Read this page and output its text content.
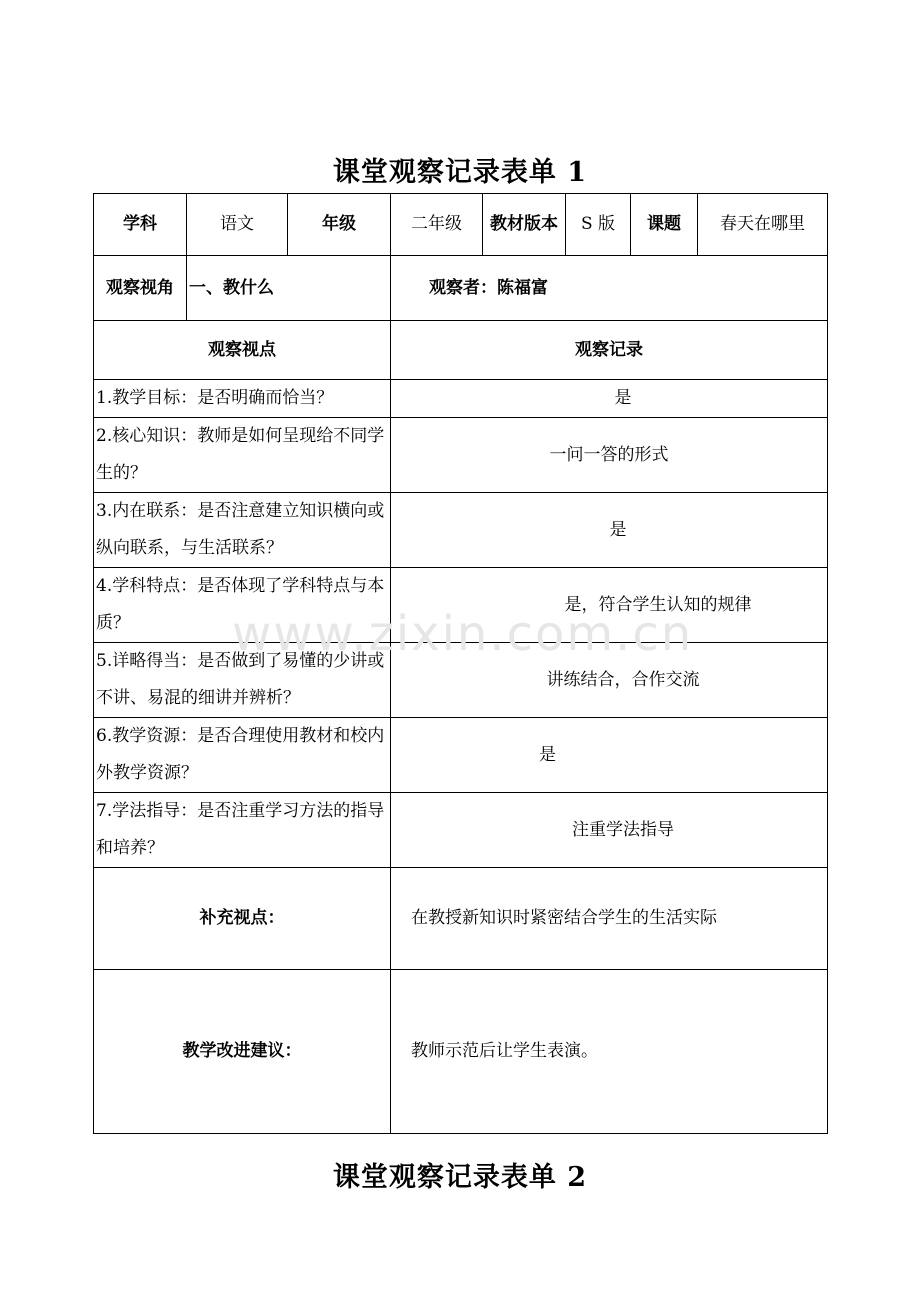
课堂观察记录表单 1
学科	语文	年级	二年级	教材版本	S 版	课题	春天在哪里
观察视角	一、教什么		观察者：陈福富				
观察视点			观察记录				
1.教学目标：是否明确而恰当？			是				
2.核心知识：教师是如何呈现给不同学生的？			一问一答的形式				
3.内在联系：是否注意建立知识横向或纵向联系，与生活联系？			是				
4.学科特点：是否体现了学科特点与本质？			是，符合学生认知的规律				
5.详略得当：是否做到了易懂的少讲或不讲、易混的细讲并辨析？			讲练结合，合作交流				
6.教学资源：是否合理使用教材和校内外教学资源？			是				
7.学法指导：是否注重学习方法的指导和培养？			注重学法指导				
补充视点：			在教授新知识时紧密结合学生的生活实际				
教学改进建议：			教师示范后让学生表演。				
www.zixin.com.cn
课堂观察记录表单 2
